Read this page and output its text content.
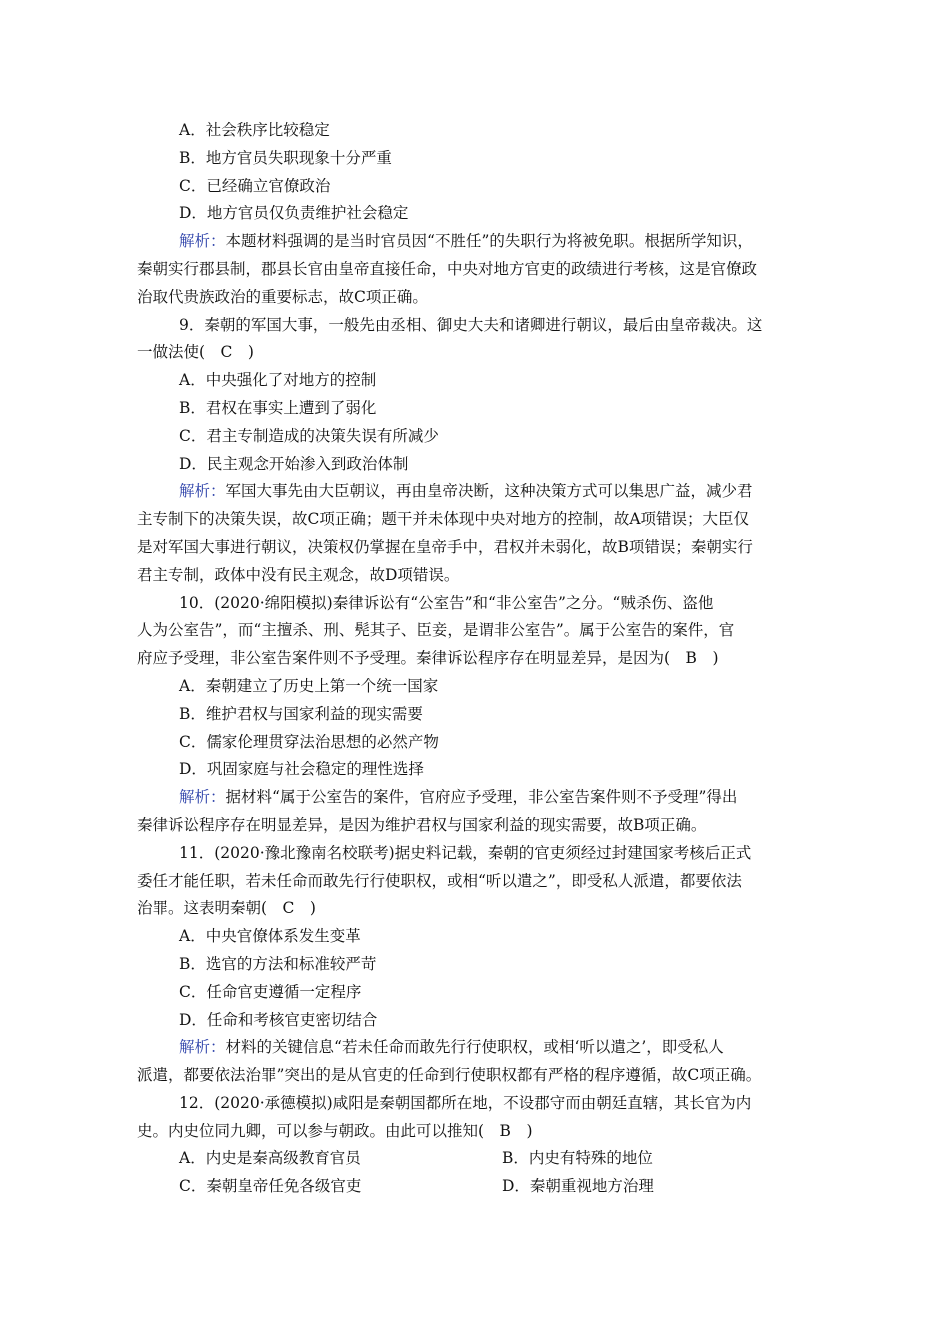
A．社会秩序比较稳定
B．地方官员失职现象十分严重
C．已经确立官僚政治
D．地方官员仅负责维护社会稳定
解析：本题材料强调的是当时官员因“不胜任”的失职行为将被免职。根据所学知识，
秦朝实行郡县制，郡县长官由皇帝直接任命，中央对地方官吏的政绩进行考核，这是官僚政
治取代贵族政治的重要标志，故C项正确。
9．秦朝的军国大事，一般先由丞相、御史大夫和诸卿进行朝议，最后由皇帝裁决。这
一做法使(　C　)
A．中央强化了对地方的控制
B．君权在事实上遭到了弱化
C．君主专制造成的决策失误有所减少
D．民主观念开始渗入到政治体制
解析：军国大事先由大臣朝议，再由皇帝决断，这种决策方式可以集思广益，减少君
主专制下的决策失误，故C项正确；题干并未体现中央对地方的控制，故A项错误；大臣仅
是对军国大事进行朝议，决策权仍掌握在皇帝手中，君权并未弱化，故B项错误；秦朝实行
君主专制，政体中没有民主观念，故D项错误。
10．(2020·绵阳模拟)秦律诉讼有“公室告”和“非公室告”之分。“贼杀伤、盗他
人为公室告”，而“主擅杀、刑、髡其子、臣妾，是谓非公室告”。属于公室告的案件，官
府应予受理，非公室告案件则不予受理。秦律诉讼程序存在明显差异，是因为(　B　)
A．秦朝建立了历史上第一个统一国家
B．维护君权与国家利益的现实需要
C．儒家伦理贯穿法治思想的必然产物
D．巩固家庭与社会稳定的理性选择
解析：据材料“属于公室告的案件，官府应予受理，非公室告案件则不予受理”得出
秦律诉讼程序存在明显差异，是因为维护君权与国家利益的现实需要，故B项正确。
11．(2020·豫北豫南名校联考)据史料记载，秦朝的官吏须经过封建国家考核后正式
委任才能任职，若未任命而敢先行行使职权，或相“听以遣之”，即受私人派遣，都要依法
治罪。这表明秦朝(　C　)
A．中央官僚体系发生变革
B．选官的方法和标准较严苛
C．任命官吏遵循一定程序
D．任命和考核官吏密切结合
解析：材料的关键信息“若未任命而敢先行行使职权，或相‘听以遣之’，即受私人
派遣，都要依法治罪”突出的是从官吏的任命到行使职权都有严格的程序遵循，故C项正确。
12．(2020·承德模拟)咸阳是秦朝国都所在地，不设郡守而由朝廷直辖，其长官为内
史。内史位同九卿，可以参与朝政。由此可以推知(　B　)
A．内史是秦高级教育官员	B．内史有特殊的地位
C．秦朝皇帝任免各级官吏	D．秦朝重视地方治理
